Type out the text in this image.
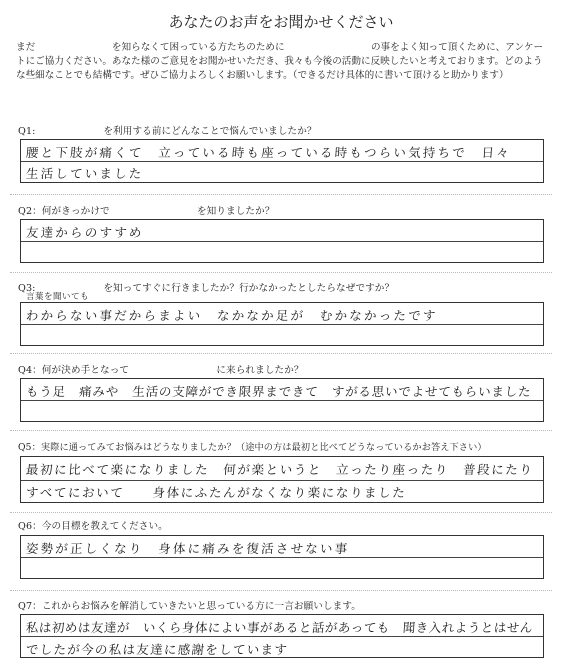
あなたのお声をお聞かせください
まだ　　　　　　　　を知らなくて困っている方たちのために　　　　　　　　　の事をよく知って頂くために、アンケートにご協力ください。あなた様のご意見をお聞かせいただき、我々も今後の活動に反映したいと考えております。どのような些細なことでも結構です。ぜひご協力よろしくお願いします。（できるだけ具体的に書いて頂けると助かります）
Q1:　　　　　　　を利用する前にどんなことで悩んでいましたか？
腰と下肢が痛くて　立っている時も座っている時もつらい気持ちで　日々
生活していました
Q2：何がきっかけで　　　　　　　　　を知りましたか？
友達からのすすめ
Q3:　　　　　　　を知ってすぐに行きましたか？行かなかったとしたらなぜですか？
言葉を聞いても
わからない事だからまよい　なかなか足が　むかなかったです
Q4：何が決め手となって　　　　　　　　　に来られましたか？
もう足　痛みや　生活の支障ができ限界まできて　すがる思いでよせてもらいました
Q5：実際に通ってみてお悩みはどうなりましたか？（途中の方は最初と比べてどうなっているかお答え下さい）
最初に比べて楽になりました　何が楽というと　立ったり座ったり　普段にたり
すべてにおいて　　身体にふたんがなくなり楽になりました
Q6：今の目標を教えてください。
姿勢が正しくなり　身体に痛みを復活させない事
Q7：これからお悩みを解消していきたいと思っている方に一言お願いします。
私は初めは友達が　いくら身体によい事があると話があっても　聞き入れようとはせん
でしたが今の私は友達に感謝をしています
